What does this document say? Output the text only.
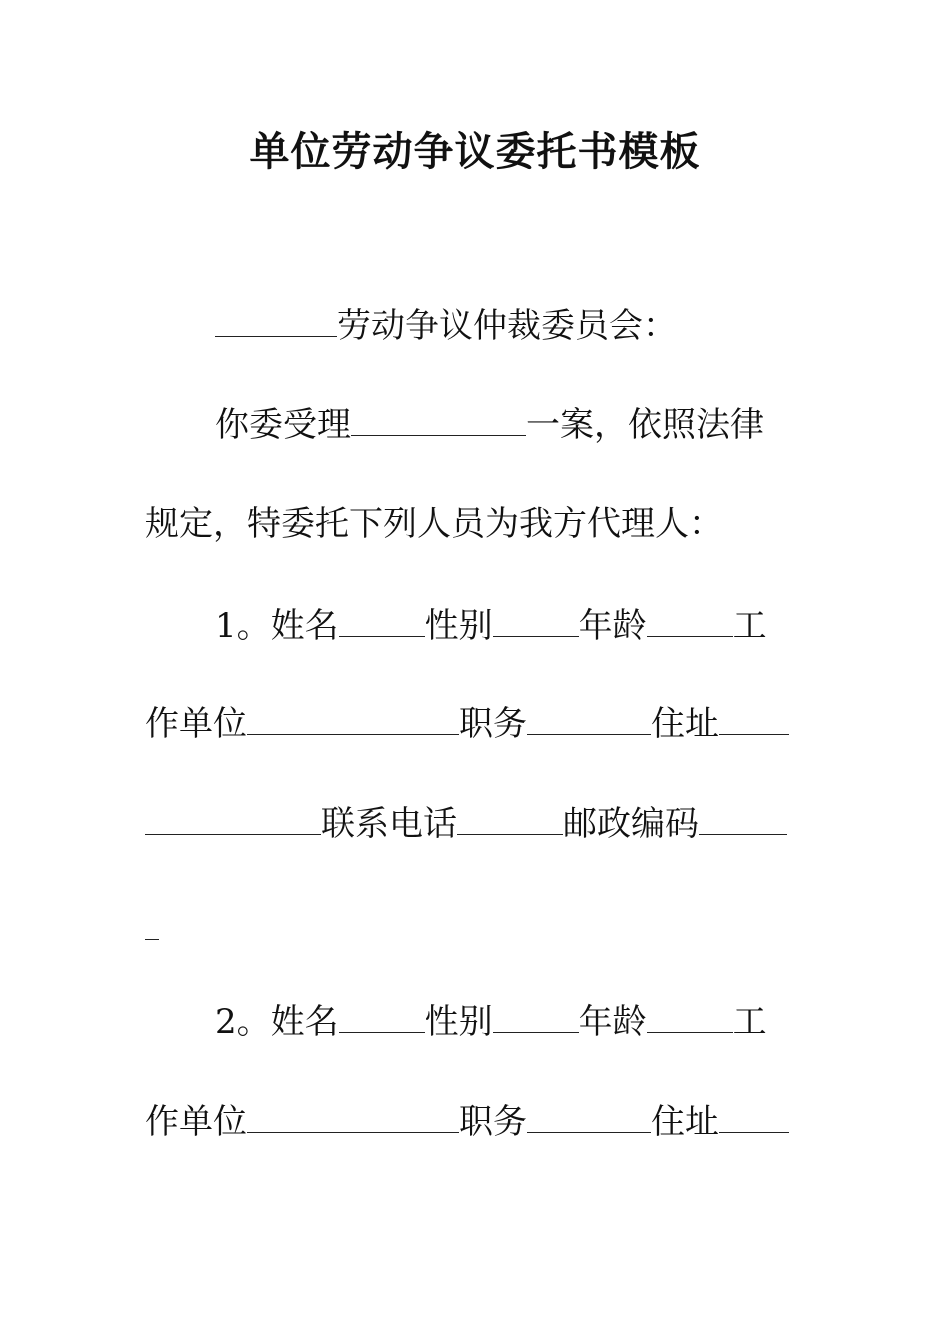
单位劳动争议委托书模板
劳动争议仲裁委员会：
你委受理	一案，依照法律
规定，特委托下列人员为我方代理人：
1。姓名	性别	年龄	工
作单位	职务	住址
联系电话	邮政编码
2。姓名	性别	年龄	工
作单位	职务	住址
